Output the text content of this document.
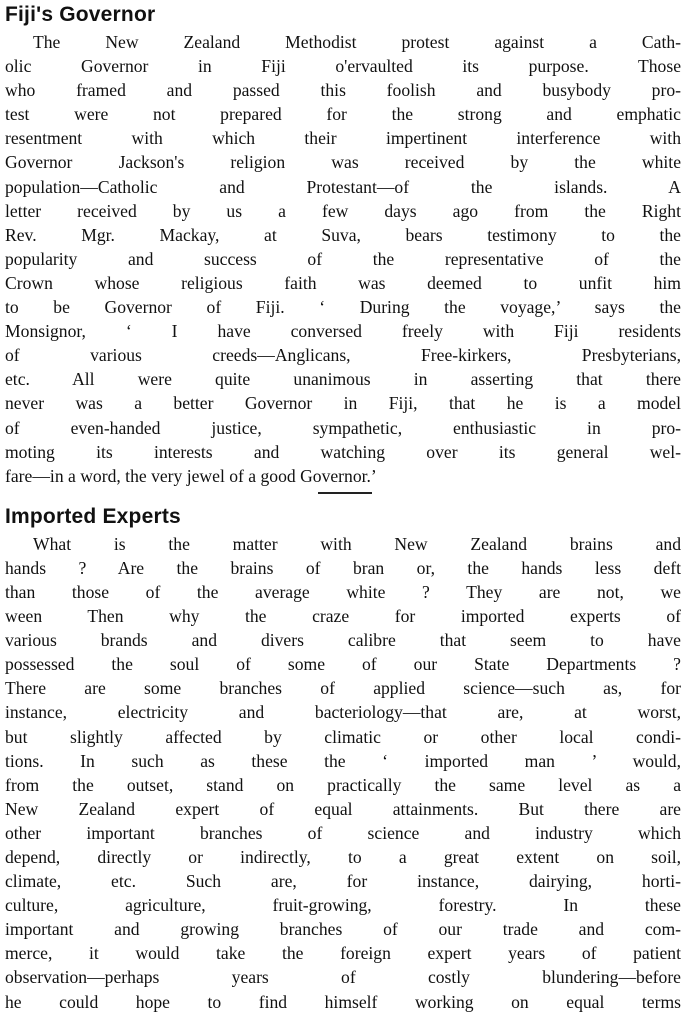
Fiji's Governor
The New Zealand Methodist protest against a Cath-
olic Governor in Fiji o'ervaulted its purpose. Those
who framed and passed this foolish and busybody pro-
test were not prepared for the strong and emphatic
resentment with which their impertinent interference with
Governor Jackson's religion was received by the white
population—Catholic and Protestant—of the islands. A
letter received by us a few days ago from the Right
Rev. Mgr. Mackay, at Suva, bears testimony to the
popularity and success of the representative of the
Crown whose religious faith was deemed to unfit him
to be Governor of Fiji. ‘ During the voyage,’ says the
Monsignor, ‘ I have conversed freely with Fiji residents
of various creeds—Anglicans, Free-kirkers, Presbyterians,
etc. All were quite unanimous in asserting that there
never was a better Governor in Fiji, that he is a model
of even-handed justice, sympathetic, enthusiastic in pro-
moting its interests and watching over its general wel-
fare—in a word, the very jewel of a good Governor.’
Imported Experts
What is the matter with New Zealand brains and
hands ? Are the brains of bran or, the hands less deft
than those of the average white ? They are not, we
ween Then why the craze for imported experts of
various brands and divers calibre that seem to have
possessed the soul of some of our State Departments ?
There are some branches of applied science—such as, for
instance, electricity and bacteriology—that are, at worst,
but slightly affected by climatic or other local condi-
tions. In such as these the ‘ imported man ’ would,
from the outset, stand on practically the same level as a
New Zealand expert of equal attainments. But there are
other important branches of science and industry which
depend, directly or indirectly, to a great extent on soil,
climate, etc. Such are, for instance, dairying, horti-
culture, agriculture, fruit-growing, forestry. In these
important and growing branches of our trade and com-
merce, it would take the foreign expert years of patient
observation—perhaps years of costly blundering—before
he could hope to find himself working on equal terms
